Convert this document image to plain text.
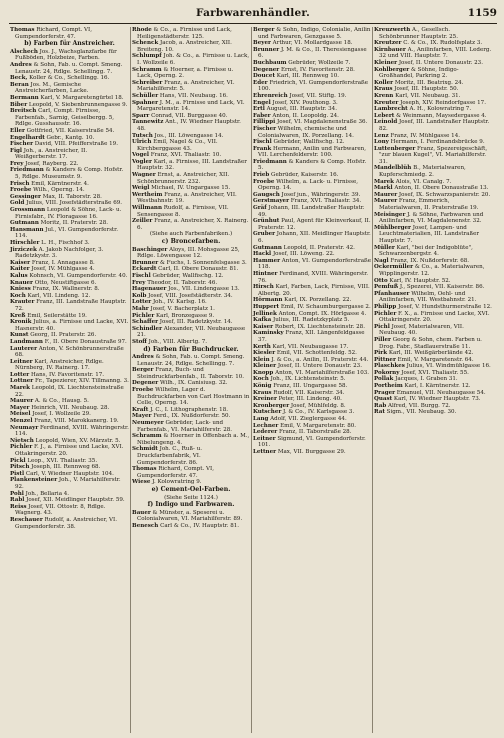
Farbwarenhändler.	1159

Thomas Richard, Compt. VI, Gumpendorferstr. 47.

b) Farben für Anstreicher.

Alschech Jos. J., Wachsglanzfarbe für Fußböden, Holzbeize, Farben.

Andres & Sohn, Fab. u. Compt. Smeng. Lenaustr. 24, Rdlge. Schellingg. 7.

Beck, Koller & Co., Schellingg. 16.

Beran Jos. M., Gemische Anstreicherfarben, Lacke.

Bermann Karl, V. Margaretengürtel 18.

Biber Leopold, V. Siebenbrunnengasse 9.

Breitsch Carl, Compt. Firnisse, Farbenfab., Sarnig, Geiselbergg. 5, Rdlge. Gusshausstr. 16.

Eller Gottfried, VII. Kaiserstraße 54.

Engelhardt Gebr., Kantg. 10.

Fischer David, VIII. Pfeifferstraße 19.

Figl Joh., a. Anstreicher, II. Weißgerberstr. 17.

Frey Josef, Rayberg. 22.

Friedmann & Kanders & Comp. Hofstr. 5, Rdlge. Museumstr. 9.

Frisch Emil, Kärntnerstr. 4.

Froebe Wilh., Operng. 14.

Gessinger Max, II. Taborstr. 28.

Gold Julius, VIII. Josefstädterstraße 69.

Grossmann Leopold & Söhne, Lack- u. Firnisfabr., IV. Floragasse 16.

Gutmann Moritz, II. Praterstr. 28.

Hansmann Jul., VI. Gumpendorferstr. 114.

Hirschler L. H., Fischhof 3.

Jirziczek A. Jakob Nachfolger, 3. Radetzkystr. 3.

Kaiser Franz, I. Annagasse 8.

Kaiter Josef, IV. Mühlgasse 4.

Kalus Kohnsch, VI. Gumpendorferstr. 40.

Knauer Otto, Neustiftgasse 6.

Kniess Franz, IX. Wallnerstr. 8.

Koch Karl, VII. Lindeng. 12.

Krauter Franz, III. Landstraße Hauptstr. 72.

Kreß Emil, Seilerstätte 19.

Kronik Julius, a. Firnisse und Lacke, XVI. Hasnerstr. 40.

Kunst Georg, II. Praterstr. 26.

Landmann F., II. Obere Donaustraße 97.

Lauterer Anton, V. Schönbrunnerstraße 68.

Leitner Karl, Anstreicher, Rdlge. Nürnberg, IV. Rainerg. 17.

Lotter Hans, IV. Favoritenstr. 17.

Lottner Fr., Tapezierer, XIV. Tillmanng. 3.

Marek Leopold, IX. Liechtensteinstraße 22.

Maurer A. & Co., Hausg. 5.

Mayer Heinrich, VII. Neubaug. 28.

Meisel Josef, I. Wollzeile 29.

Menzel Franz, VIII. Marokkanerg. 19.

Neumayr Ferdinand, XVIII. Währingerstr. 114.

Nietsch Leopold, Wien, XV. Märzstr. 5.

Pichler F. J., a. Firnisse und Lacke, XVI. Ottakringerstr. 20.

Pickl Leop., XVI. Thaliastr. 35.

Pitsch Joseph, III. Rennweg 68.

Pistl Carl, V. Wiedner Hauptstr. 104.

Plankensteiner Joh., V. Mariahilferstr. 92.

Pohl Joh., Bellaria 4.

Rabl Josef, XII. Meidlinger Hauptstr. 59.

Reiss Josef, VII. Ottostr. 8, Rdlge. Wagnerg. 43.

Reschauer Rudolf, a. Anstreicher, VI. Gumpendorferstr. 38.

Rhode & Co., a. Firnisse und Lack, Heiligenstädterstr. 125.

Schenck Jacob, a. Anstreicher, XII. Breiteng. 10.

Schlumpf Joh. & Co., a. Firnisse u. Lack, I. Wollzeile 6.

Schramm & Hoerner, a. Firnisse u. Lack, Operng. 2.

Schreiber Franz, a. Anstreicher, VI. Mariahilferstr. 5.

Schüller Hans, VII. Neubaug. 16.

Spahner J. M., a. Firnisse und Lack, VI. Margaretenstr. 14.

Sparr Conrad, VII. Burggasse 40.

Tannewitz Ant., IV. Wiedner Hauptstr. 48.

Tutsch Jos., III. Löwengasse 14.

Ulrich Emil, Nagel & Co., VII. Kirchberggasse 43.

Vogel Franz, XVI. Thaliastr. 10.

Vogler Karl, a. Firnisse, III. Landstraßer Hauptstr. 32.

Wagner Ernst, a. Anstreicher, XII. Schönbrunnerstr. 232.

Weigl Michael, IV. Ungargasse 15.

Wertheim Franz, a. Anstreicher, VII. Westbahnstr. 19.

Willmann Rudolf, a. Firnisse, VII. Sensengasse 8.

Zeiller Franz, a. Anstreicher, X. Rainerg. 6.

(Siehe auch Farbenfabriken.)

c) Broncefarben.

Baschinger Aloys, III. Mohsgasse 25, Rdlge. Löwengasse 12.

Brunner & Fuchs, I. Sonnenfelsgasse 3.

Eckardt Carl, II. Obere Donaustr. 81.

Fischl Gebrüder, Wallfischg. 12.

Frey Theodor, II. Taborstr. 46.

Hagenauer Jos., VII. Lindengasse 13.

Kolb Josef, VIII. Josefstädterstr. 34.

Lotter Joh., IV. Karlsg. 16.

Mahr Josef, V. Bacherplatz 1.

Pichler Karl, Bronzegasse 9.

Schaffer Josef, III. Radetzkystr. 14.

Schindler Alexander, VII. Neubaugasse 21.

Stoff Joh., VIII. Albertg. 7.

d) Farben für Buchdrucker.

Andres & Sohn, Fab. u. Compt. Smeng. Lenaustr. 24, Rdlge. Schellingg. 7.

Berger Franz, Buch- und Steindruckfarbenfab., II. Taborstr. 10.

Degener Wilh., IX. Canisiusg. 32.

Froebe Wilhelm, Lager d. Buchdruckfarben von Carl Hostmann in Celle, Operng. 14.

Kraft J. C., I. Lithographenstr. 18.

Mayer Ferd., IX. Nußdorferstr. 50.

Neumeyer Gebrüder, Lack- und Farbenfab., VI. Mariahilferstr. 28.

Schramm & Hoerner in Offenbach a. M., Nibelungeng. 4.

Schmidt Joh. C., Ruß- u. Druckfarbenfabrik, VI. Gumpendorferstr. 86.

Thomas Richard, Compt. VI, Gumpendorferstr. 47.

Wiese J. Kolowratring 9.

e) Cement-Oel-Farben.

(Siehe Seite 1124.)

f) Indigo und Farbwaren.

Bauer & Münster, a. Speserei u. Colonialwaren, VI. Mariahilferstr. 89.

Benesch Carl & Co., IV. Hauptstr. 81.

Berger & Sohn, Indigo, Colonialie, Anilin und Farbwaren, Genzgasse 5.

Beyer Arthur, VI. Mollardgasse 18.

Brunner J. M. & Co., II. Theresiengasse 6.

Buchbaum Gebrüder, Wollzeile 7.

Degener Ernst, IV. Favoritenstr. 28.

Doucet Karl, III. Rennweg 10.

Eder Friedrich, VI. Gumpendorferstraße 100.

Ehrenreich Josef, VII. Stiftg. 19.

Engel Josef, XIV. Pouthong. 3.

Ertl August, III. Hauptstr. 34.

Faber Anton, II. Leopoldg. 24.

Fillippi Josef, VI. Magdalenenstraße 36.

Fischer Wilhelm, chemische und Colonialwaren, IX. Porzellang. 14.

Fischl Gebrüder, Wallfischg. 12.

Frank Hermann, Anilin und Farbwaren, VII. Lerchenfelderstr. 100.

Friedmann & Kanders & Comp. Hofstr. 5.

Frieb Gebrüder, Kaiserstr. 16.

Froebe Wilhelm, a. Lack- u. Firnisse, Operng. 14.

Gaugsch Josef jun., Währingerstr. 39.

Gerstmayer Franz, XVI. Thaliastr. 34.

Gräf Johann, III. Landstraßer Hauptstr. 49.

Grünhut Paul, Agent für Kleinverkauf, II. Praterstr. 12.

Gruber Johann, XII. Meidlinger Hauptstr. 6.

Gutmann Leopold, II. Praterstr. 42.

Hackl Josef, III. Löweng. 22.

Hammer Anton, VI. Gumpendorferstraße 118.

Hintner Ferdinand, XVIII. Währingerstr. 76.

Hirsch Karl, Farben, Lack, Firnisse, VIII. Albertg. 20.

Hörmann Karl, IX. Porzellang. 22.

Huppert Emil, IV. Schaumburgergasse 2.

Jellinek Anton, Compt. IX. Hörlgasse 4.

Kafka Julius, III. Radetzkyplatz 5.

Kaiser Robert, IX. Liechtensteinstr. 28.

Kaminsky Franz, XII. Längenfeldgasse 37.

Kerth Karl, VII. Neubaugasse 17.

Kiesler Emil, VII. Schottenfeldg. 52.

Klein J. & Co., a. Anilin, II. Praterstr. 44.

Kleiner Josef, II. Untere Donaustr. 23.

Knopp Anton, VI. Mariahilferstraße 103.

Koch Joh., IX. Lichtensteinstr. 5.

König Franz, III. Ungargasse 58.

Kraus Rudolf, VII. Kaiserstr. 34.

Kreiner Peter, III. Lindeng. 40.

Kronberger Josef, Mühlfeldg. 8.

Kutscher J. & Co., IV. Karlsgasse 3.

Lang Adolf, VII. Zieglergasse 44.

Lechner Emil, V. Margaretenstr. 80.

Lederer Franz, II. Taborstraße 28.

Leitner Sigmund, VI. Gumpendorferstr. 101.

Lettner Max, VII. Burggasse 29.

Kreuzwerth A., Gesellsch. Schönbrunner Hauptstr. 25.

Kreutzer C. & Co., IX. Rudolfsplatz 3.

Kirnbauer A., Anilinfarben, VIII. Lederg. 32 und VIII. Hauptstr. 7.

Kleiner Josef, II. Untere Donaustr. 23.

Kohlberger & Söhne, Indigo-Großhandel, Parkring 2.

Koller Moritz, III. Beatrixg. 24.

Kraus Josef, III. Hauptstr. 50.

Krenn Karl, VII. Neubaug. 31.

Kreuter Joseph, XIV. Reindorfgasse 17.

Lambrecht A. H., Kolowratring 7.

Lebert & Weinmann, Maysedergasse 4.

Leinold Josef, III. Landstraßer Hauptstr. 82.

Lenz Franz, IV. Mühlgasse 14.

Lony Hermann, I. Ferdinandsbrücke 9.

Luttenberger Franz, Spezereigeschäft, "zur blauen Kugel", VI. Mariahilferstr. 31.

Mandelblüh B., Materialwaren, Kupferschmiedg. 2.

Marek Alois, VI. Canalg. 7.

Markl Anton, II. Obere Donaustraße 13.

Maurer Josef, IX. Schwarzspanierstr. 20.

Maurer Franz, Emmerich, Materialwaren, II. Praterstraße 19.

Meisinger J. & Söhne, Farbwaren und Anilinfarben, VI. Magdalenenstr. 32.

Mühlberger Josef, Lampen- und Leuchtmaterialien, III. Landstraßer Hauptstr. 7.

Müller Karl, "bei der Indigoblüte", Schwarzenbergstr. 4.

Nagl Franz, IX. Nußdorferstr. 68.

Ockermüller & Co., a. Materialwaren, Wipplingerstr. 12.

Otto Karl, IV. Hauptstr. 52.

Pemfuß J., Spezerei, VII. Kaiserstr. 86.

Pfanhauser Wilhelm, Oehl- und Anilinfarben, VII. Westbahnstr. 21.

Philipp Josef, V. Hundsthurmerstraße 12.

Pichler F. X., a. Firnisse und Lacke, XVI. Ottakringerstr. 20.

Pichl Josef, Materialwaren, VII. Neubaug. 40.

Piller Georg & Sohn, chem. Farben u. Drog. Fabr., Stadlauerstraße 11.

Pirk Karl, III. Weißgärberlände 42.

Pittner Emil, V. Margaretenstr. 64.

Plaschkes Julius, VI. Windmühlgasse 16.

Pokorny Josef, XVI. Thaliastr. 55.

Pollak Jacques, I. Graben 31.

Portheim Karl, I. Kärntnerstr. 12.

Prager Emanuel, VII. Neubaugasse 54.

Quast Karl, IV. Wiedner Hauptstr. 73.

Rab Alfred, VII. Burgg. 72.

Rat Sigm., VII. Neubaug. 30.
